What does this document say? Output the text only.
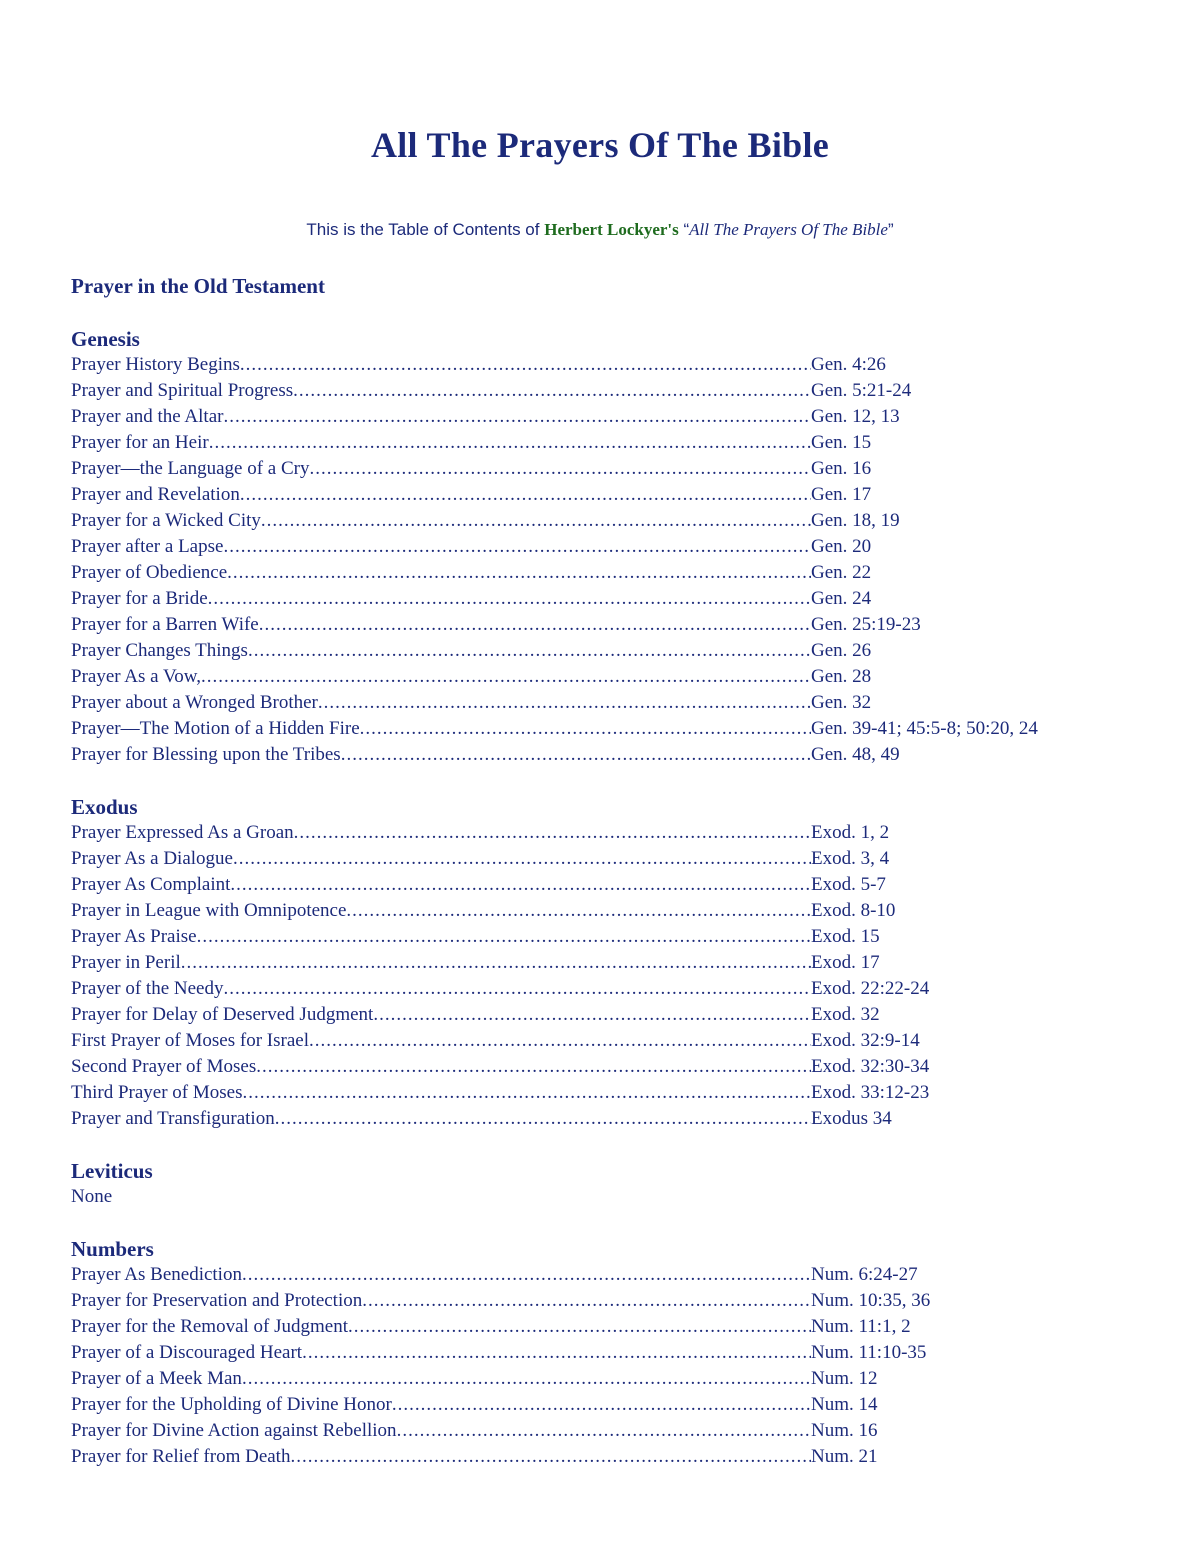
All The Prayers Of The Bible
This is the Table of Contents of Herbert Lockyer's “All The Prayers Of The Bible”
Prayer in the Old Testament
Genesis
Prayer History Begins .....	Gen. 4:26
Prayer and Spiritual Progress .....	Gen. 5:21-24
Prayer and the Altar .....	Gen. 12, 13
Prayer for an Heir .....	Gen. 15
Prayer—the Language of a Cry .....	Gen. 16
Prayer and Revelation .....	Gen. 17
Prayer for a Wicked City .....	Gen. 18, 19
Prayer after a Lapse .....	Gen. 20
Prayer of Obedience .....	Gen. 22
Prayer for a Bride .....	Gen. 24
Prayer for a Barren Wife .....	Gen. 25:19-23
Prayer Changes Things .....	Gen. 26
Prayer As a Vow, .....	Gen. 28
Prayer about a Wronged Brother .....	Gen. 32
Prayer—The Motion of a Hidden Fire .....	Gen. 39-41; 45:5-8; 50:20, 24
Prayer for Blessing upon the Tribes .....	Gen. 48, 49
Exodus
Prayer Expressed As a Groan .....	Exod. 1, 2
Prayer As a Dialogue .....	Exod. 3, 4
Prayer As Complaint .....	Exod. 5-7
Prayer in League with Omnipotence .....	Exod. 8-10
Prayer As Praise .....	Exod. 15
Prayer in Peril .....	Exod. 17
Prayer of the Needy .....	Exod. 22:22-24
Prayer for Delay of Deserved Judgment .....	Exod. 32
First Prayer of Moses for Israel .....	Exod. 32:9-14
Second Prayer of Moses .....	Exod. 32:30-34
Third Prayer of Moses .....	Exod. 33:12-23
Prayer and Transfiguration .....	Exodus 34
Leviticus
None
Numbers
Prayer As Benediction .....	Num. 6:24-27
Prayer for Preservation and Protection .....	Num. 10:35, 36
Prayer for the Removal of Judgment .....	Num. 11:1, 2
Prayer of a Discouraged Heart .....	Num. 11:10-35
Prayer of a Meek Man .....	Num. 12
Prayer for the Upholding of Divine Honor .....	Num. 14
Prayer for Divine Action against Rebellion .....	Num. 16
Prayer for Relief from Death .....	Num. 21
